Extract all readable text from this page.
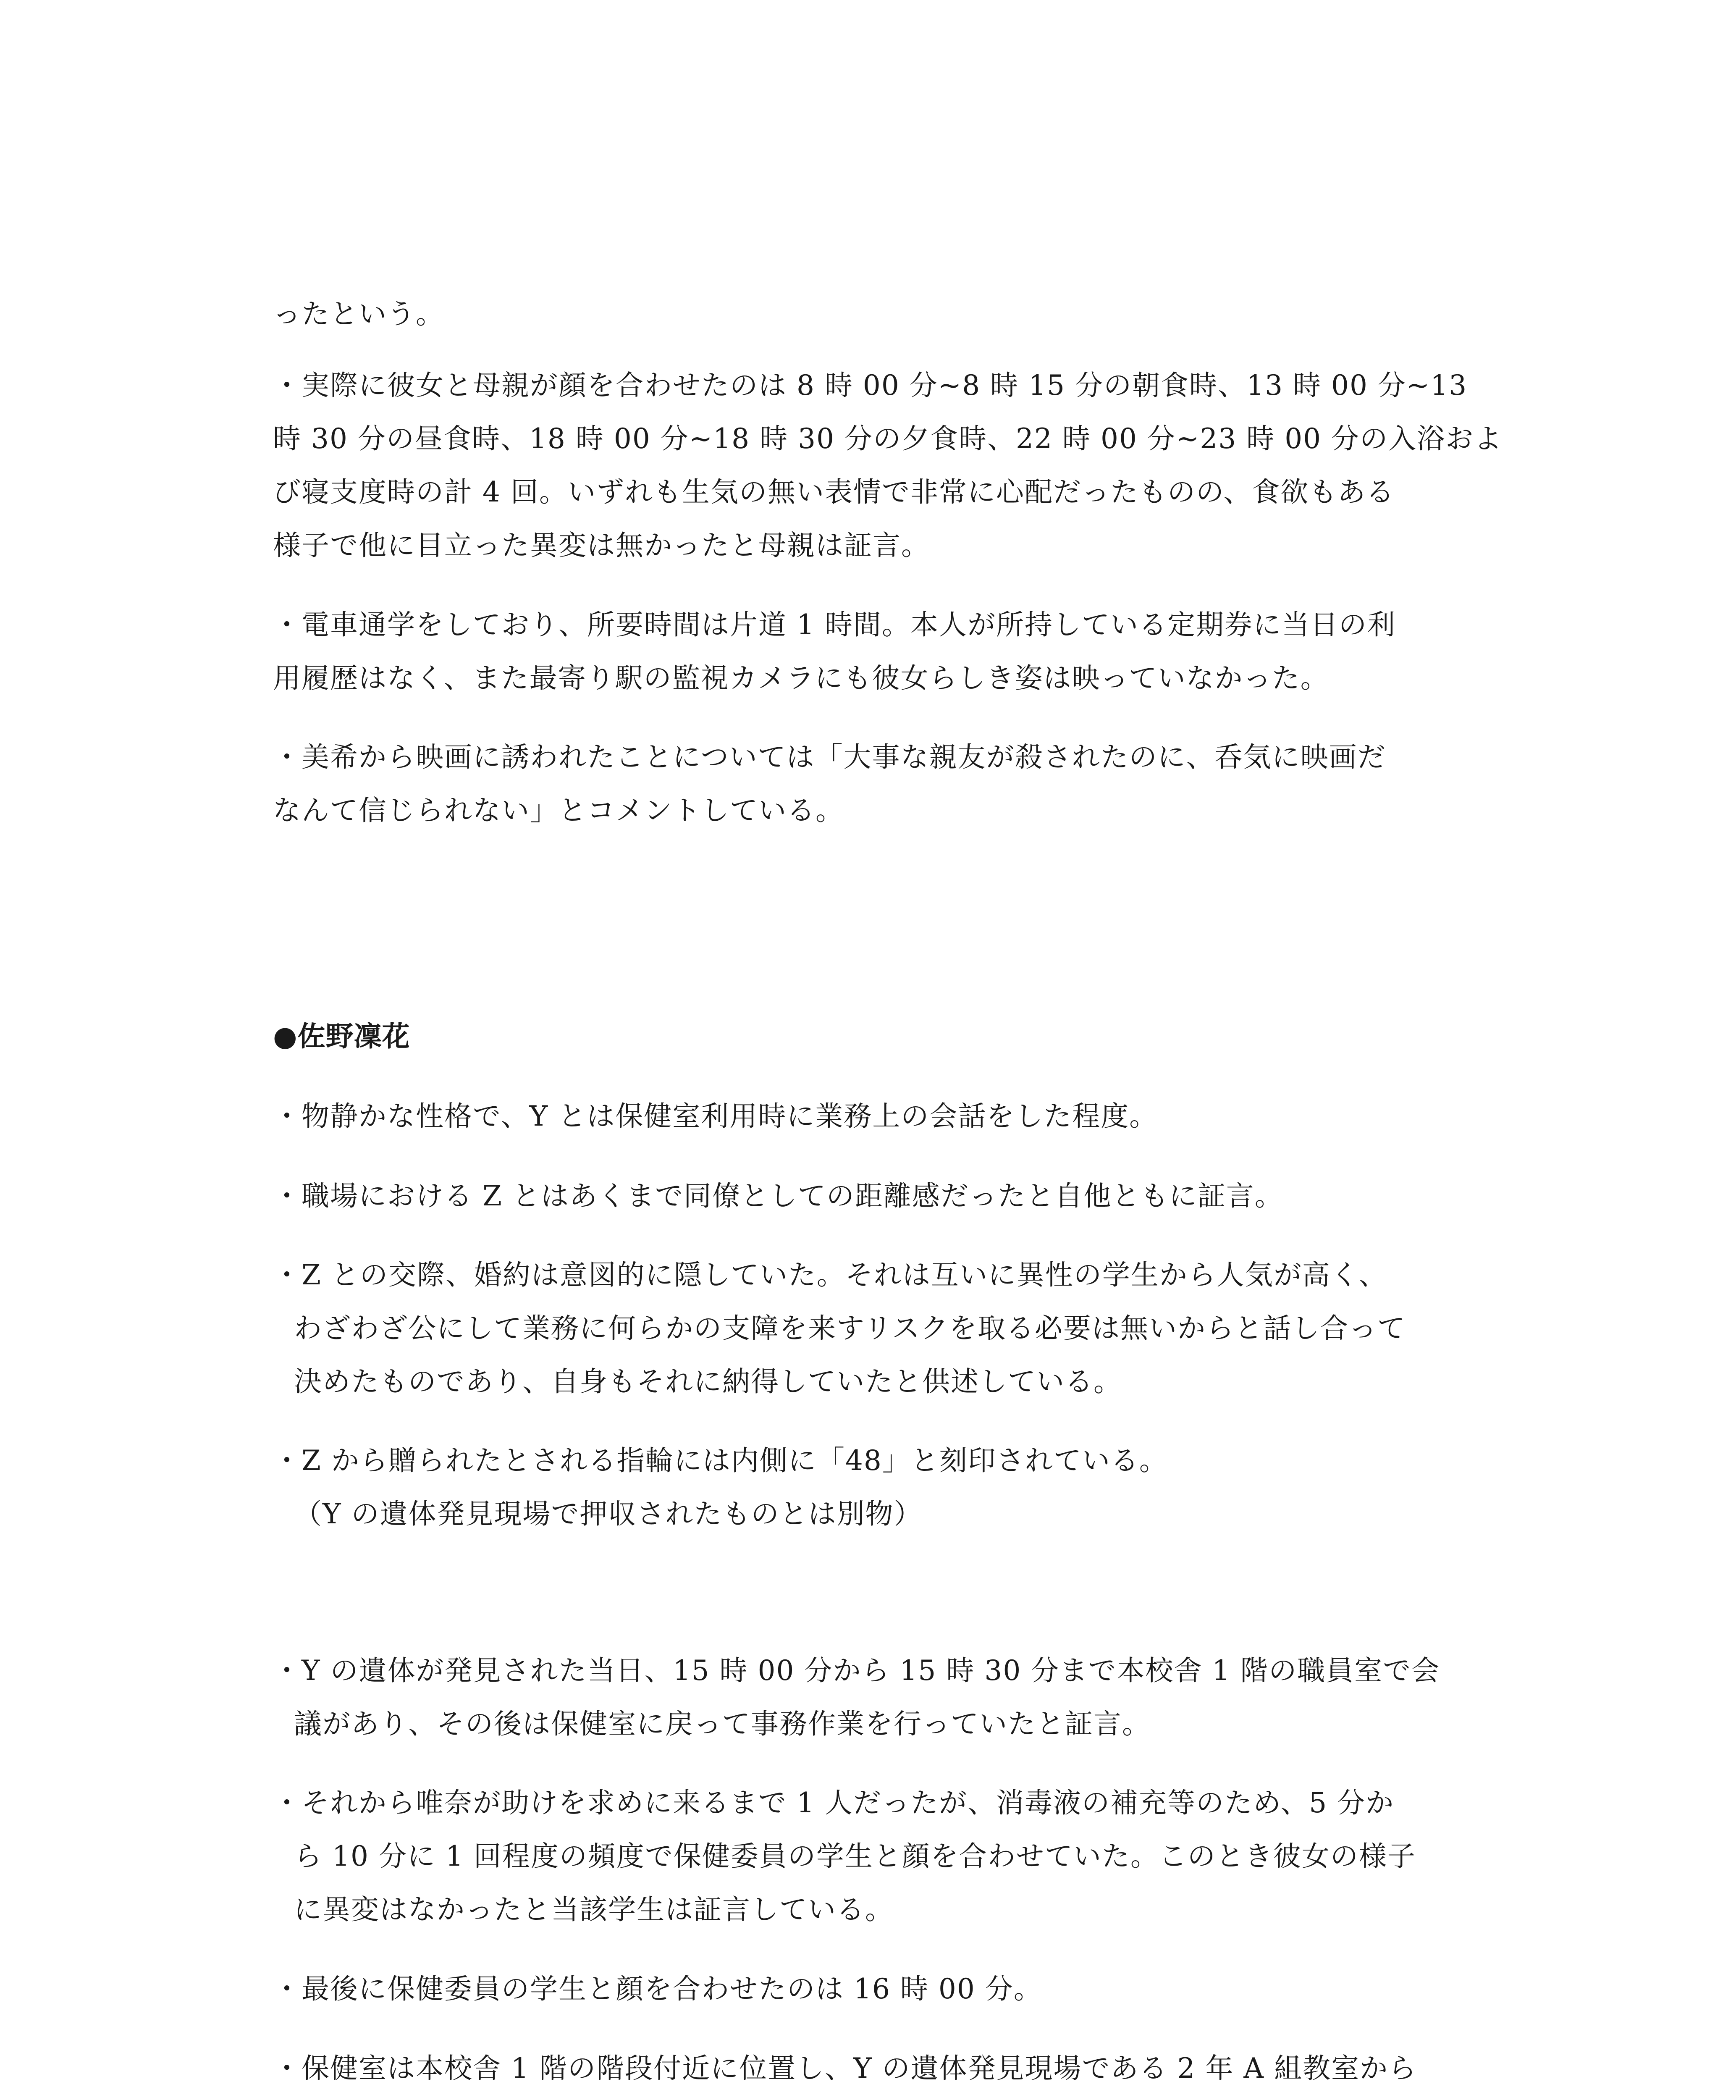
ったという。
・実際に彼女と母親が顔を合わせたのは 8 時 00 分~8 時 15 分の朝食時、13 時 00 分~13
時 30 分の昼食時、18 時 00 分~18 時 30 分の夕食時、22 時 00 分~23 時 00 分の入浴およ
び寝支度時の計 4 回。いずれも生気の無い表情で非常に心配だったものの、食欲もある
様子で他に目立った異変は無かったと母親は証言。
・電車通学をしており、所要時間は片道 1 時間。本人が所持している定期券に当日の利
用履歴はなく、また最寄り駅の監視カメラにも彼女らしき姿は映っていなかった。
・美希から映画に誘われたことについては「大事な親友が殺されたのに、呑気に映画だ
なんて信じられない」とコメントしている。
●佐野凜花
・物静かな性格で、Y とは保健室利用時に業務上の会話をした程度。
・職場における Z とはあくまで同僚としての距離感だったと自他ともに証言。
・Z との交際、婚約は意図的に隠していた。それは互いに異性の学生から人気が高く、
わざわざ公にして業務に何らかの支障を来すリスクを取る必要は無いからと話し合って
決めたものであり、自身もそれに納得していたと供述している。
・Z から贈られたとされる指輪には内側に「48」と刻印されている。
（Y の遺体発見現場で押収されたものとは別物）
・Y の遺体が発見された当日、15 時 00 分から 15 時 30 分まで本校舎 1 階の職員室で会
議があり、その後は保健室に戻って事務作業を行っていたと証言。
・それから唯奈が助けを求めに来るまで 1 人だったが、消毒液の補充等のため、5 分か
ら 10 分に 1 回程度の頻度で保健委員の学生と顔を合わせていた。このとき彼女の様子
に異変はなかったと当該学生は証言している。
・最後に保健委員の学生と顔を合わせたのは 16 時 00 分。
・保健室は本校舎 1 階の階段付近に位置し、Y の遺体発見現場である 2 年 A 組教室から
